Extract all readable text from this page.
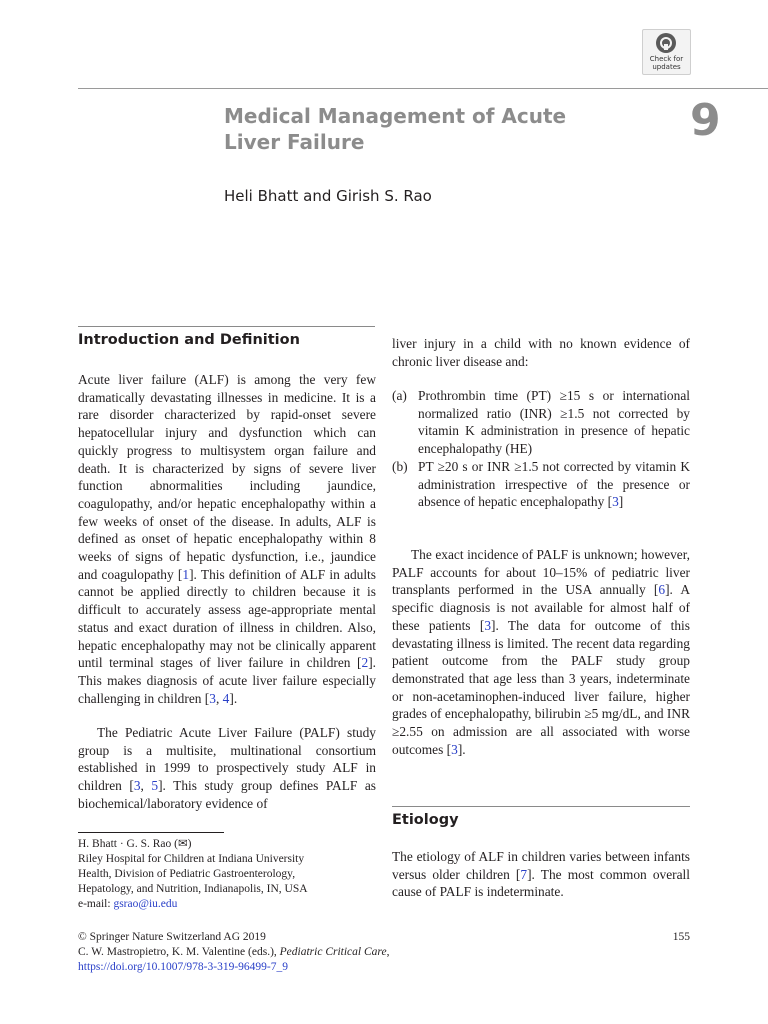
Check for
updates
Medical Management of Acute
Liver Failure	9
Heli Bhatt and Girish S. Rao
Introduction and Definition
Acute liver failure (ALF) is among the very few dramatically devastating illnesses in medicine. It is a rare disorder characterized by rapid-onset severe hepatocellular injury and dysfunction which can quickly progress to multisystem organ failure and death. It is characterized by signs of severe liver function abnormalities including jaundice, coagulopathy, and/or hepatic encephalopathy within a few weeks of onset of the disease. In adults, ALF is defined as onset of hepatic encephalopathy within 8 weeks of signs of hepatic dysfunction, i.e., jaundice and coagulopathy [1]. This definition of ALF in adults cannot be applied directly to children because it is difficult to accurately assess age-appropriate mental status and exact duration of illness in children. Also, hepatic encephalopathy may not be clinically apparent until terminal stages of liver failure in children [2]. This makes diagnosis of acute liver failure especially challenging in children [3, 4].
The Pediatric Acute Liver Failure (PALF) study group is a multisite, multinational consortium established in 1999 to prospectively study ALF in children [3, 5]. This study group defines PALF as biochemical/laboratory evidence of
H. Bhatt · G. S. Rao (✉)
Riley Hospital for Children at Indiana University
Health, Division of Pediatric Gastroenterology,
Hepatology, and Nutrition, Indianapolis, IN, USA
e-mail: gsrao@iu.edu
liver injury in a child with no known evidence of chronic liver disease and:
(a) Prothrombin time (PT) ≥15 s or international normalized ratio (INR) ≥1.5 not corrected by vitamin K administration in presence of hepatic encephalopathy (HE)
(b) PT ≥20 s or INR ≥1.5 not corrected by vitamin K administration irrespective of the presence or absence of hepatic encephalopathy [3]
The exact incidence of PALF is unknown; however, PALF accounts for about 10–15% of pediatric liver transplants performed in the USA annually [6]. A specific diagnosis is not available for almost half of these patients [3]. The data for outcome of this devastating illness is limited. The recent data regarding patient outcome from the PALF study group demonstrated that age less than 3 years, indeterminate or non-acetaminophen-induced liver failure, higher grades of encephalopathy, bilirubin ≥5 mg/dL, and INR ≥2.55 on admission are all associated with worse outcomes [3].
Etiology
The etiology of ALF in children varies between infants versus older children [7]. The most common overall cause of PALF is indeterminate.
© Springer Nature Switzerland AG 2019
C. W. Mastropietro, K. M. Valentine (eds.), Pediatric Critical Care,
https://doi.org/10.1007/978-3-319-96499-7_9
155
